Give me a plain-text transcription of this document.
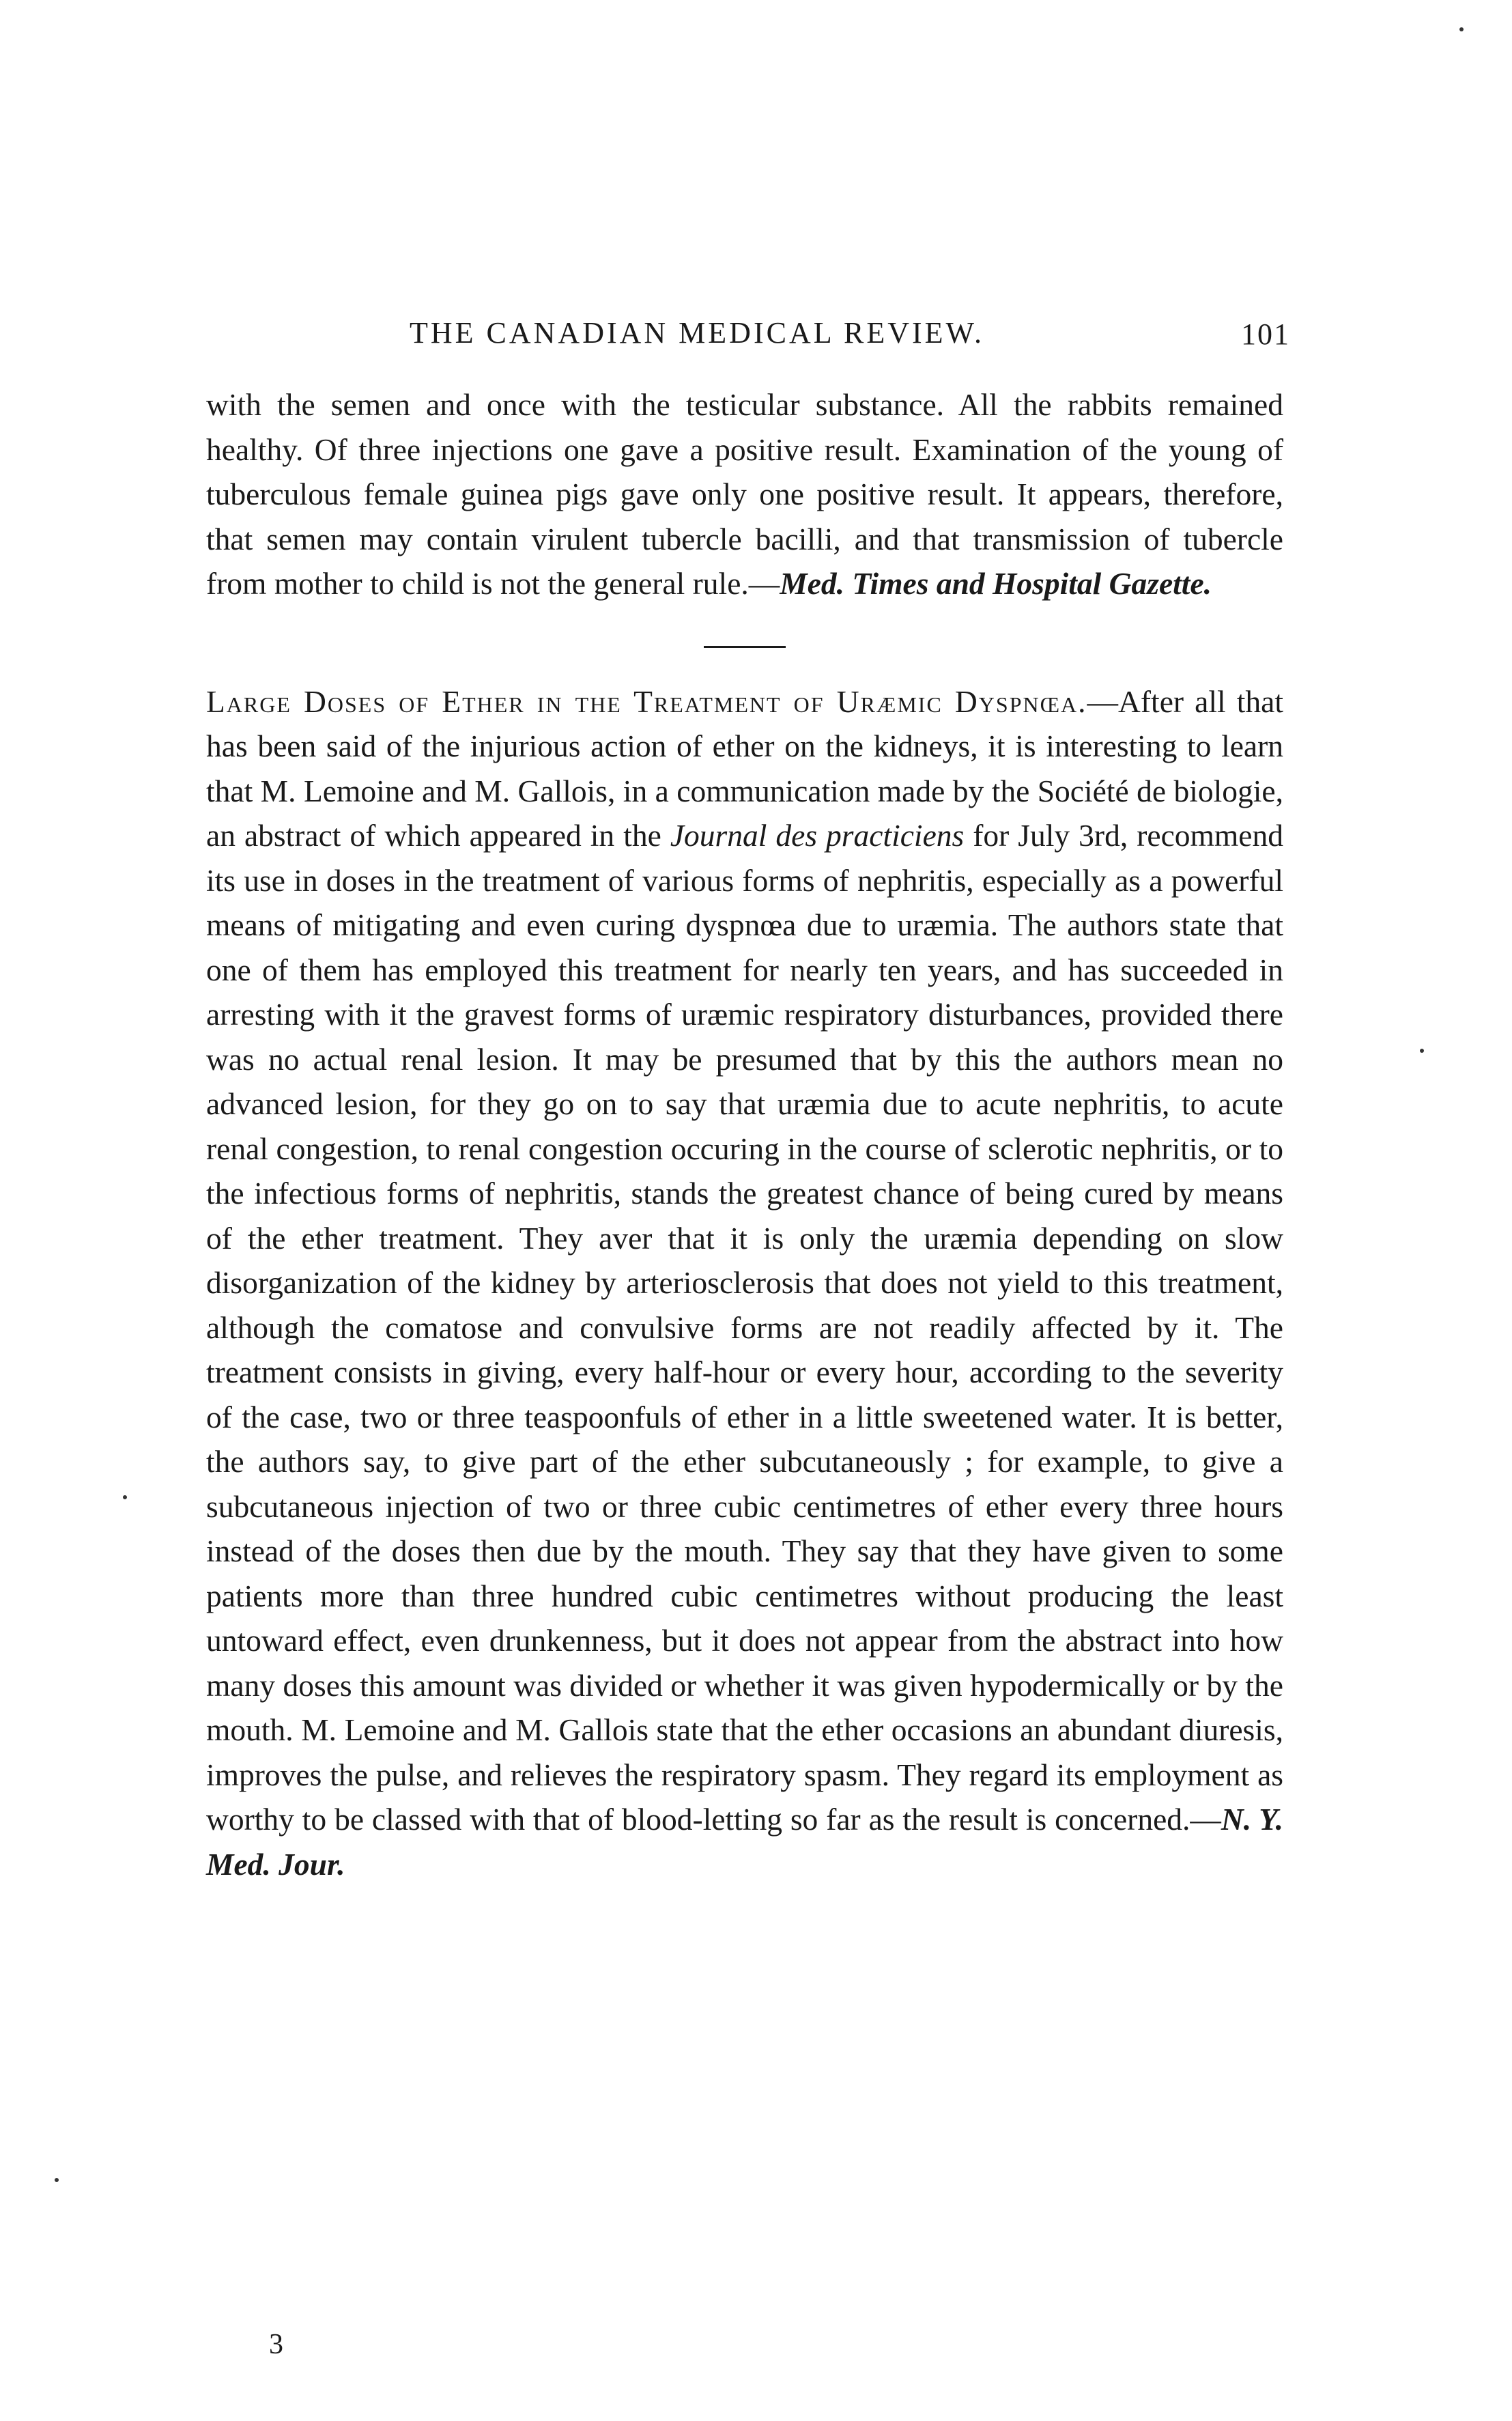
THE CANADIAN MEDICAL REVIEW.	101

with the semen and once with the testicular substance. All the rabbits remained healthy. Of three injections one gave a positive result. Examination of the young of tuberculous female guinea pigs gave only one positive result. It appears, therefore, that semen may contain virulent tubercle bacilli, and that transmission of tubercle from mother to child is not the general rule.—Med. Times and Hospital Gazette.

Large Doses of Ether in the Treatment of Uræmic Dyspnœa.—After all that has been said of the injurious action of ether on the kidneys, it is interesting to learn that M. Lemoine and M. Gallois, in a communication made by the Société de biologie, an abstract of which appeared in the Journal des practiciens for July 3rd, recommend its use in doses in the treatment of various forms of nephritis, especially as a powerful means of mitigating and even curing dyspnœa due to uræmia. The authors state that one of them has employed this treatment for nearly ten years, and has succeeded in arresting with it the gravest forms of uræmic respiratory disturbances, provided there was no actual renal lesion. It may be presumed that by this the authors mean no advanced lesion, for they go on to say that uræmia due to acute nephritis, to acute renal congestion, to renal congestion occuring in the course of sclerotic nephritis, or to the infectious forms of nephritis, stands the greatest chance of being cured by means of the ether treatment. They aver that it is only the uræmia depending on slow disorganization of the kidney by arteriosclerosis that does not yield to this treatment, although the comatose and convulsive forms are not readily affected by it. The treatment consists in giving, every half-hour or every hour, according to the severity of the case, two or three teaspoonfuls of ether in a little sweetened water. It is better, the authors say, to give part of the ether subcutaneously ; for example, to give a subcutaneous injection of two or three cubic centimetres of ether every three hours instead of the doses then due by the mouth. They say that they have given to some patients more than three hundred cubic centimetres without producing the least untoward effect, even drunkenness, but it does not appear from the abstract into how many doses this amount was divided or whether it was given hypodermically or by the mouth. M. Lemoine and M. Gallois state that the ether occasions an abundant diuresis, improves the pulse, and relieves the respiratory spasm. They regard its employment as worthy to be classed with that of blood-letting so far as the result is concerned.—N. Y. Med. Jour.

3
